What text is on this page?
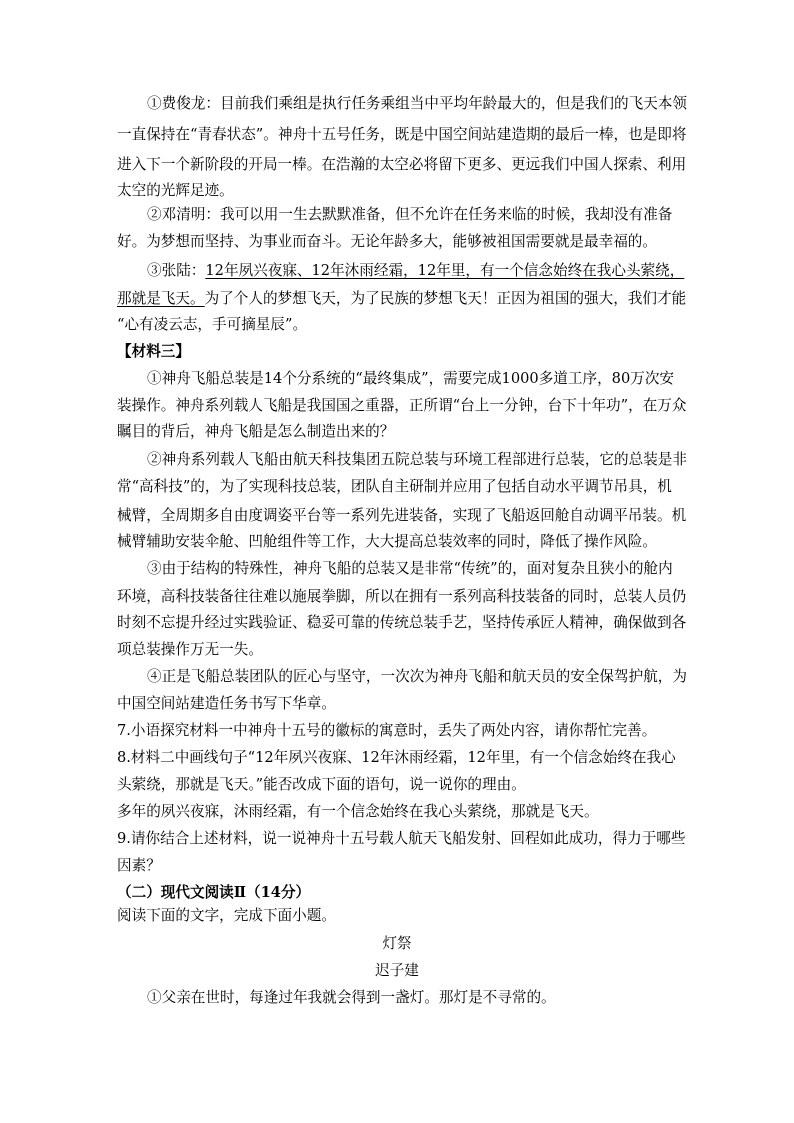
①费俊龙：目前我们乘组是执行任务乘组当中平均年龄最大的，但是我们的飞天本领
一直保持在“青春状态”。神舟十五号任务，既是中国空间站建造期的最后一棒，也是即将
进入下一个新阶段的开局一棒。在浩瀚的太空必将留下更多、更远我们中国人探索、利用
太空的光辉足迹。
②邓清明：我可以用一生去默默准备，但不允许在任务来临的时候，我却没有准备
好。为梦想而坚持、为事业而奋斗。无论年龄多大，能够被祖国需要就是最幸福的。
③张陆：12年夙兴夜寐、12年沐雨经霜，12年里，有一个信念始终在我心头萦绕，
那就是飞天。为了个人的梦想飞天，为了民族的梦想飞天！正因为祖国的强大，我们才能
“心有凌云志，手可摘星辰”。
【材料三】
①神舟飞船总装是14个分系统的“最终集成”，需要完成1000多道工序，80万次安
装操作。神舟系列载人飞船是我国国之重器，正所谓“台上一分钟，台下十年功”，在万众
瞩目的背后，神舟飞船是怎么制造出来的？
②神舟系列载人飞船由航天科技集团五院总装与环境工程部进行总装，它的总装是非
常“高科技”的，为了实现科技总装，团队自主研制并应用了包括自动水平调节吊具，机
械臂，全周期多自由度调姿平台等一系列先进装备，实现了飞船返回舱自动调平吊装。机
械臂辅助安装伞舱、凹舱组件等工作，大大提高总装效率的同时，降低了操作风险。
③由于结构的特殊性，神舟飞船的总装又是非常“传统”的，面对复杂且狭小的舱内
环境，高科技装备往往难以施展拳脚，所以在拥有一系列高科技装备的同时，总装人员仍
时刻不忘提升经过实践验证、稳妥可靠的传统总装手艺，坚持传承匠人精神，确保做到各
项总装操作万无一失。
④正是飞船总装团队的匠心与坚守，一次次为神舟飞船和航天员的安全保驾护航，为
中国空间站建造任务书写下华章。
7.小语探究材料一中神舟十五号的徽标的寓意时，丢失了两处内容，请你帮忙完善。
8.材料二中画线句子“12年夙兴夜寐、12年沐雨经霜，12年里，有一个信念始终在我心
头萦绕，那就是飞天。”能否改成下面的语句，说一说你的理由。
多年的夙兴夜寐，沐雨经霜，有一个信念始终在我心头萦绕，那就是飞天。
9.请你结合上述材料，说一说神舟十五号载人航天飞船发射、回程如此成功，得力于哪些
因素？
（二）现代文阅读Ⅱ（14分）
阅读下面的文字，完成下面小题。
灯祭
迟子建
①父亲在世时，每逢过年我就会得到一盏灯。那灯是不寻常的。
